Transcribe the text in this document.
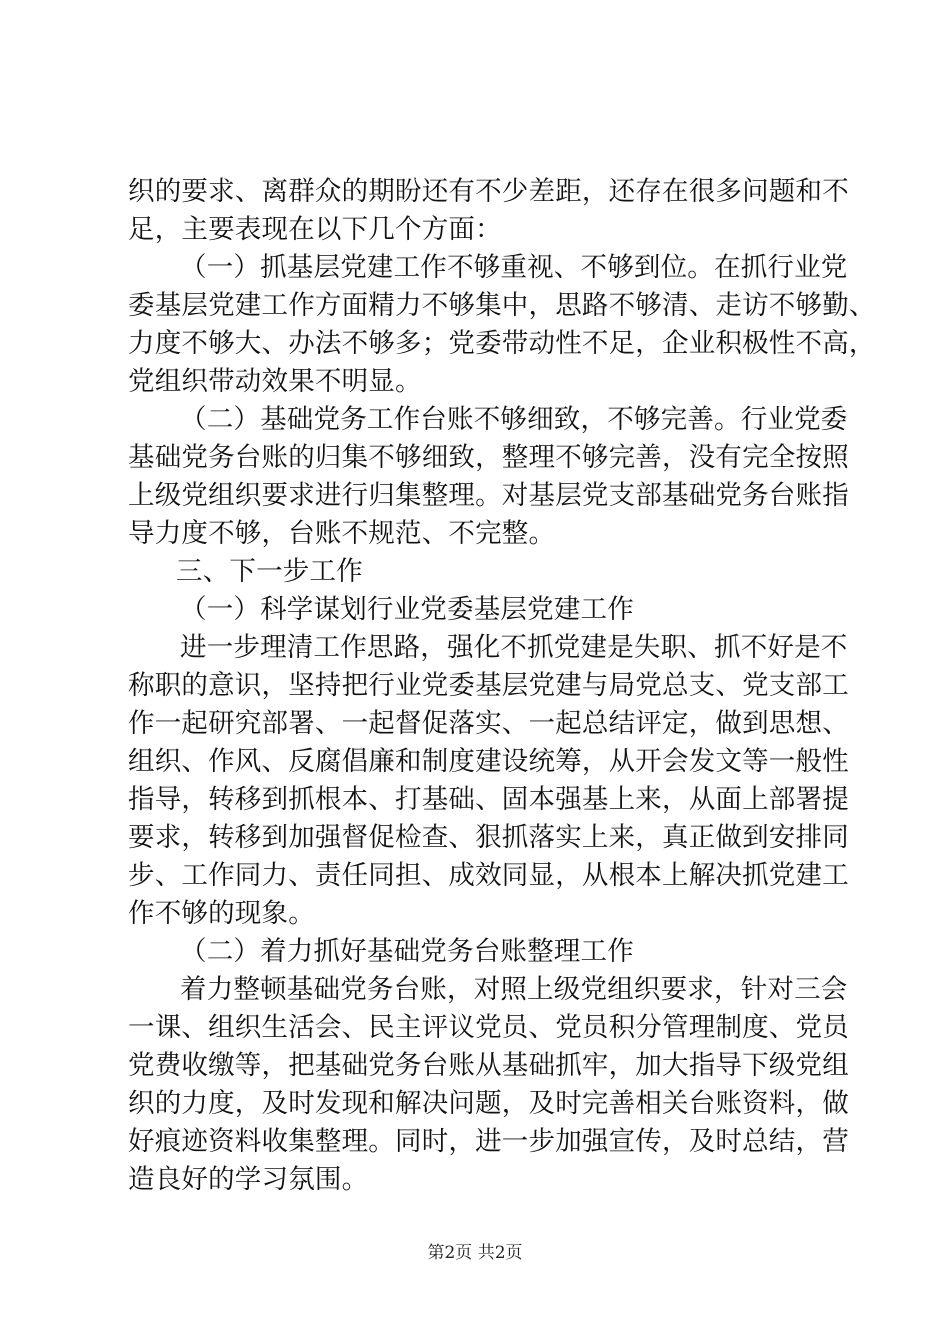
织的要求、离群众的期盼还有不少差距，还存在很多问题和不
足，主要表现在以下几个方面：
（一）抓基层党建工作不够重视、不够到位。在抓行业党
委基层党建工作方面精力不够集中，思路不够清、走访不够勤、
力度不够大、办法不够多；党委带动性不足，企业积极性不高，
党组织带动效果不明显。
（二）基础党务工作台账不够细致，不够完善。行业党委
基础党务台账的归集不够细致，整理不够完善，没有完全按照
上级党组织要求进行归集整理。对基层党支部基础党务台账指
导力度不够，台账不规范、不完整。
三、下一步工作
（一）科学谋划行业党委基层党建工作
进一步理清工作思路，强化不抓党建是失职、抓不好是不
称职的意识，坚持把行业党委基层党建与局党总支、党支部工
作一起研究部署、一起督促落实、一起总结评定，做到思想、
组织、作风、反腐倡廉和制度建设统筹，从开会发文等一般性
指导，转移到抓根本、打基础、固本强基上来，从面上部署提
要求，转移到加强督促检查、狠抓落实上来，真正做到安排同
步、工作同力、责任同担、成效同显，从根本上解决抓党建工
作不够的现象。
（二）着力抓好基础党务台账整理工作
着力整顿基础党务台账，对照上级党组织要求，针对三会
一课、组织生活会、民主评议党员、党员积分管理制度、党员
党费收缴等，把基础党务台账从基础抓牢，加大指导下级党组
织的力度，及时发现和解决问题，及时完善相关台账资料，做
好痕迹资料收集整理。同时，进一步加强宣传，及时总结，营
造良好的学习氛围。
第2页 共2页
